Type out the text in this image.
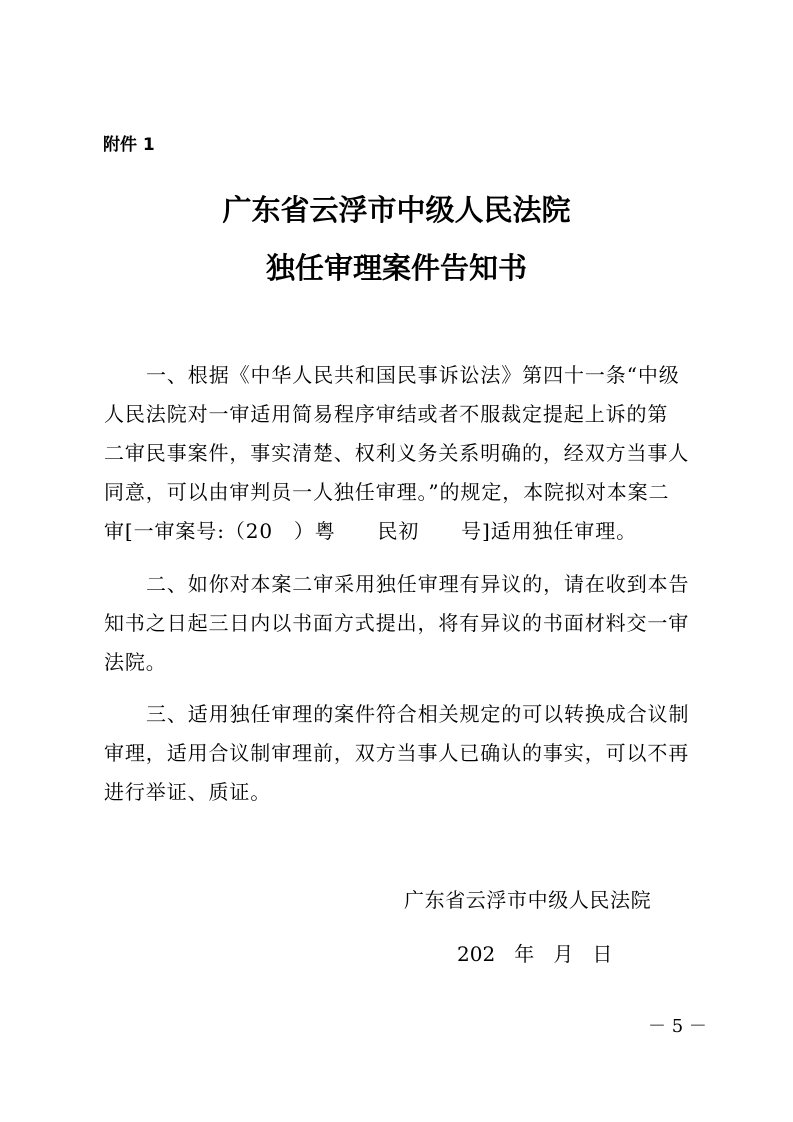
附件 1
广东省云浮市中级人民法院
独任审理案件告知书
一、根据《中华人民共和国民事诉讼法》第四十一条“中级
人民法院对一审适用简易程序审结或者不服裁定提起上诉的第
二审民事案件，事实清楚、权利义务关系明确的，经双方当事人
同意，可以由审判员一人独任审理。”的规定，本院拟对本案二
审[一审案号:（20　）粤　　民初　　号]适用独任审理。
二、如你对本案二审采用独任审理有异议的，请在收到本告
知书之日起三日内以书面方式提出，将有异议的书面材料交一审
法院。
三、适用独任审理的案件符合相关规定的可以转换成合议制
审理，适用合议制审理前，双方当事人已确认的事实，可以不再
进行举证、质证。
广东省云浮市中级人民法院
202   年   月   日
－ 5 －
